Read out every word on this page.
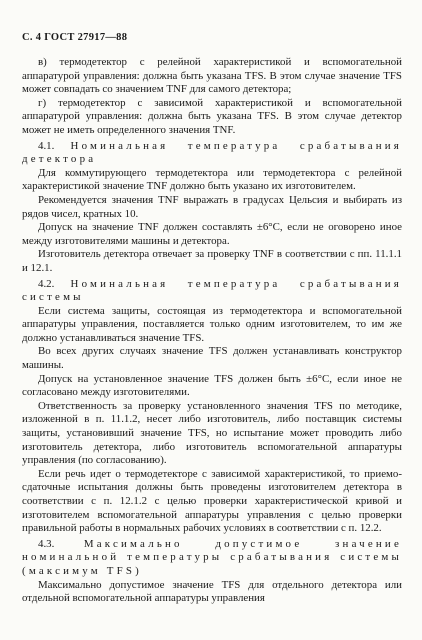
С. 4 ГОСТ 27917—88

в) термодетектор с релейной характеристикой и вспомогательной аппаратурой управления: должна быть указана TFS. В этом случае значение TFS может совпадать со значением TNF для самого детектора;

г) термодетектор с зависимой характеристикой и вспомогательной аппаратурой управления: должна быть указана TFS. В этом случае детектор может не иметь определенного значения TNF.

4.1. Номинальная температура срабатывания детектора

Для коммутирующего термодетектора или термодетектора с релейной характеристикой значение TNF должно быть указано их изготовителем.

Рекомендуется значения TNF выражать в градусах Цельсия и выбирать из рядов чисел, кратных 10.

Допуск на значение TNF должен составлять ±6°С, если не оговорено иное между изготовителями машины и детектора.

Изготовитель детектора отвечает за проверку TNF в соответствии с пп. 11.1.1 и 12.1.

4.2. Номинальная температура срабатывания системы

Если система защиты, состоящая из термодетектора и вспомогательной аппаратуры управления, поставляется только одним изготовителем, то им же должно устанавливаться значение TFS.

Во всех других случаях значение TFS должен устанавливать конструктор машины.

Допуск на установленное значение TFS должен быть ±6°С, если иное не согласовано между изготовителями.

Ответственность за проверку установленного значения TFS по методике, изложенной в п. 11.1.2, несет либо изготовитель, либо поставщик системы защиты, установивший значение TFS, но испытание может проводить либо изготовитель детектора, либо изготовитель вспомогательной аппаратуры управления (по согласованию).

Если речь идет о термодетекторе с зависимой характеристикой, то приемо-сдаточные испытания должны быть проведены изготовителем детектора в соответствии с п. 12.1.2 с целью проверки характеристической кривой и изготовителем вспомогательной аппаратуры управления с целью проверки правильной работы в нормальных рабочих условиях в соответствии с п. 12.2.

4.3.	Максимально допустимое значение номинальной температуры срабатывания системы (максимум TFS)

Максимально допустимое значение TFS для отдельного детектора или отдельной вспомогательной аппаратуры управления
